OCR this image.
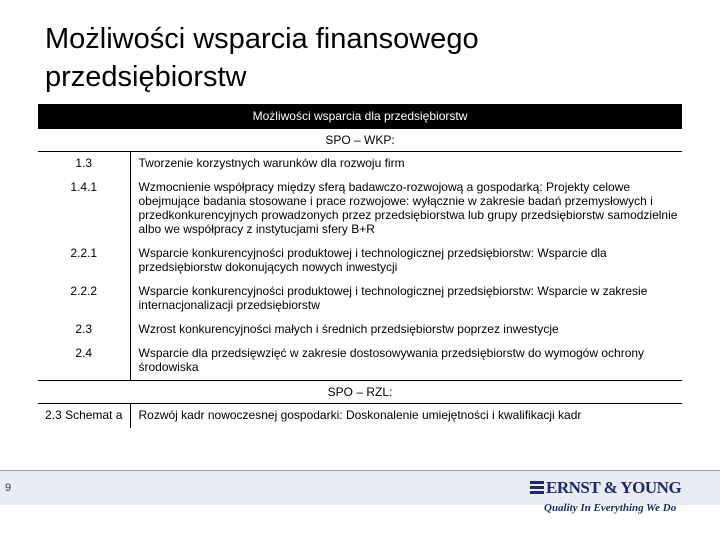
Możliwości wsparcia finansowego przedsiębiorstw
Możliwości wsparcia dla przedsiębiorstw	
SPO – WKP:	
1.3	Tworzenie korzystnych warunków dla rozwoju firm
1.4.1	Wzmocnienie współpracy między sferą badawczo-rozwojową a gospodarką: Projekty celowe obejmujące badania stosowane i prace rozwojowe: wyłącznie w zakresie badań przemysłowych i przedkonkurencyjnych prowadzonych przez przedsiębiorstwa lub grupy przedsiębiorstw samodzielnie albo we współpracy z instytucjami sfery B+R
2.2.1	Wsparcie konkurencyjności produktowej i technologicznej przedsiębiorstw: Wsparcie dla przedsiębiorstw dokonujących nowych inwestycji
2.2.2	Wsparcie konkurencyjności produktowej i technologicznej przedsiębiorstw: Wsparcie w zakresie internacjonalizacji przedsiębiorstw
2.3	Wzrost konkurencyjności małych i średnich przedsiębiorstw poprzez inwestycje
2.4	Wsparcie dla przedsięwzięć w zakresie dostosowywania przedsiębiorstw do wymogów ochrony środowiska
SPO – RZL:	
2.3 Schemat a	Rozwój kadr nowoczesnej gospodarki: Doskonalenie umiejętności i kwalifikacji kadr
9	ERNST & YOUNG
Quality In Everything We Do
